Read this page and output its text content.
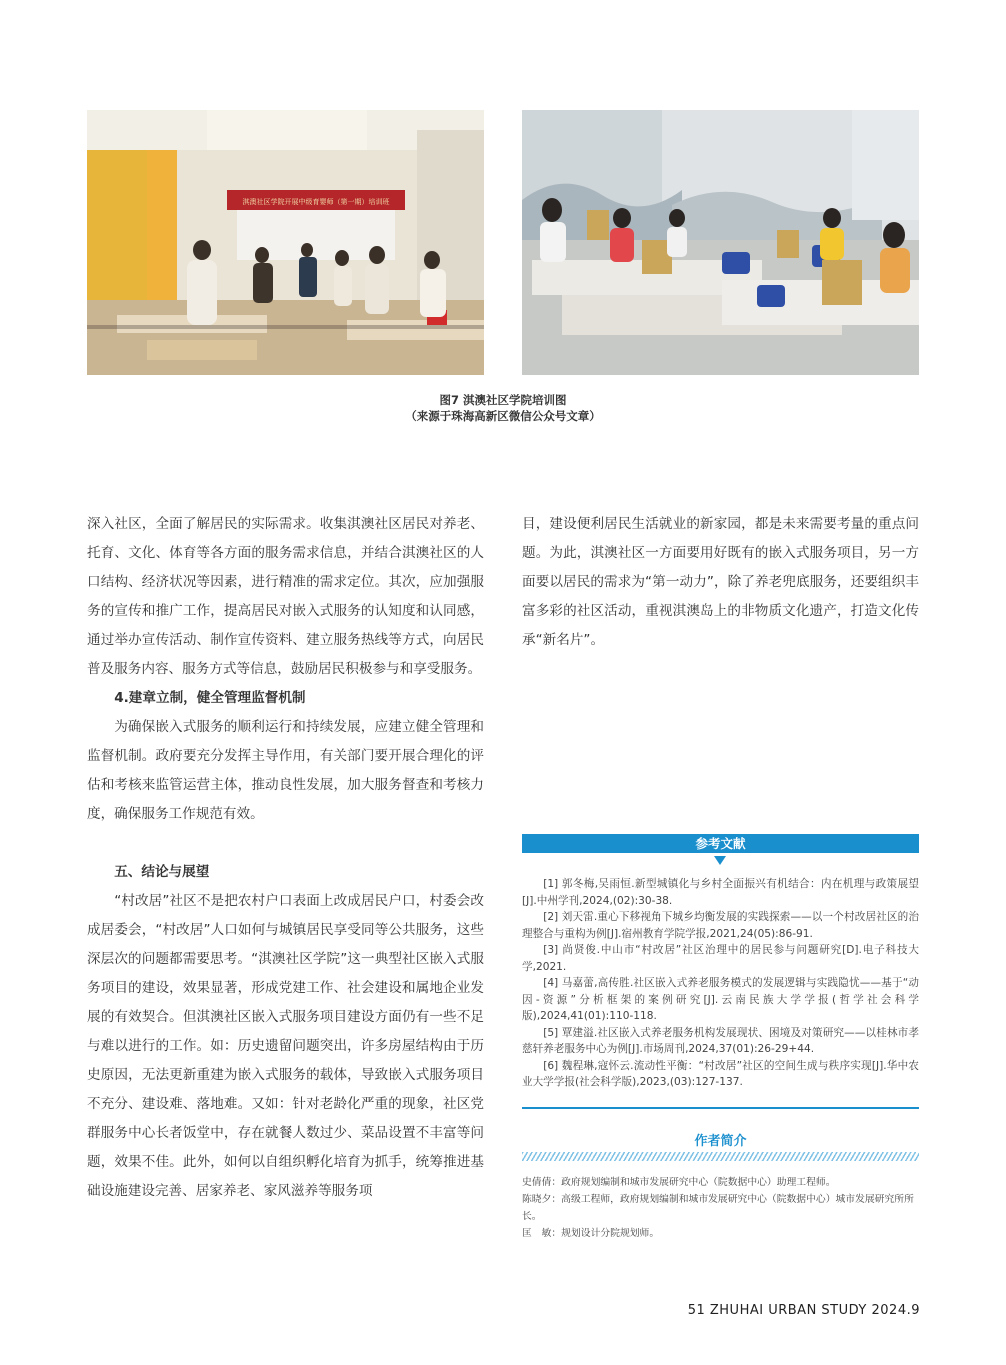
淇澳社区学院开展中级育婴师（第一期）培训班
图7 淇澳社区学院培训图
（来源于珠海高新区微信公众号文章）

深入社区，全面了解居民的实际需求。收集淇澳社区居民对养老、托育、文化、体育等各方面的服务需求信息，并结合淇澳社区的人口结构、经济状况等因素，进行精准的需求定位。其次，应加强服务的宣传和推广工作，提高居民对嵌入式服务的认知度和认同感，通过举办宣传活动、制作宣传资料、建立服务热线等方式，向居民普及服务内容、服务方式等信息，鼓励居民积极参与和享受服务。

4.建章立制，健全管理监督机制

为确保嵌入式服务的顺利运行和持续发展，应建立健全管理和监督机制。政府要充分发挥主导作用，有关部门要开展合理化的评估和考核来监管运营主体，推动良性发展，加大服务督查和考核力度，确保服务工作规范有效。

五、结论与展望

“村改居”社区不是把农村户口表面上改成居民户口，村委会改成居委会，“村改居”人口如何与城镇居民享受同等公共服务，这些深层次的问题都需要思考。“淇澳社区学院”这一典型社区嵌入式服务项目的建设，效果显著，形成党建工作、社会建设和属地企业发展的有效契合。但淇澳社区嵌入式服务项目建设方面仍有一些不足与难以进行的工作。如：历史遗留问题突出，许多房屋结构由于历史原因，无法更新重建为嵌入式服务的载体，导致嵌入式服务项目不充分、建设难、落地难。又如：针对老龄化严重的现象，社区党群服务中心长者饭堂中，存在就餐人数过少、菜品设置不丰富等问题，效果不佳。此外，如何以自组织孵化培育为抓手，统筹推进基础设施建设完善、居家养老、家风滋养等服务项

目，建设便利居民生活就业的新家园，都是未来需要考量的重点问题。为此，淇澳社区一方面要用好既有的嵌入式服务项目，另一方面要以居民的需求为“第一动力”，除了养老兜底服务，还要组织丰富多彩的社区活动，重视淇澳岛上的非物质文化遗产，打造文化传承“新名片”。

参考文献

[1] 郭冬梅,吴雨恒.新型城镇化与乡村全面振兴有机结合：内在机理与政策展望[J].中州学刊,2024,(02):30-38.

[2] 刘天雷.重心下移视角下城乡均衡发展的实践探索——以一个村改居社区的治理整合与重构为例[J].宿州教育学院学报,2021,24(05):86-91.

[3] 尚贤俊.中山市“村改居”社区治理中的居民参与问题研究[D].电子科技大学,2021.

[4] 马嘉蕾,高传胜.社区嵌入式养老服务模式的发展逻辑与实践隐忧——基于“动因-资源”分析框架的案例研究[J].云南民族大学学报(哲学社会科学版),2024,41(01):110-118.

[5] 覃建溢.社区嵌入式养老服务机构发展现状、困境及对策研究——以桂林市孝慈轩养老服务中心为例[J].市场周刊,2024,37(01):26-29+44.

[6] 魏程琳,寇怀云.流动性平衡：“村改居”社区的空间生成与秩序实现[J].华中农业大学学报(社会科学版),2023,(03):127-137.

作者简介

史倩倩：政府规划编制和城市发展研究中心（院数据中心）助理工程师。

陈晓夕：高级工程师，政府规划编制和城市发展研究中心（院数据中心）城市发展研究所所长。

匡　敏：规划设计分院规划师。

51 ZHUHAI URBAN STUDY 2024.9
